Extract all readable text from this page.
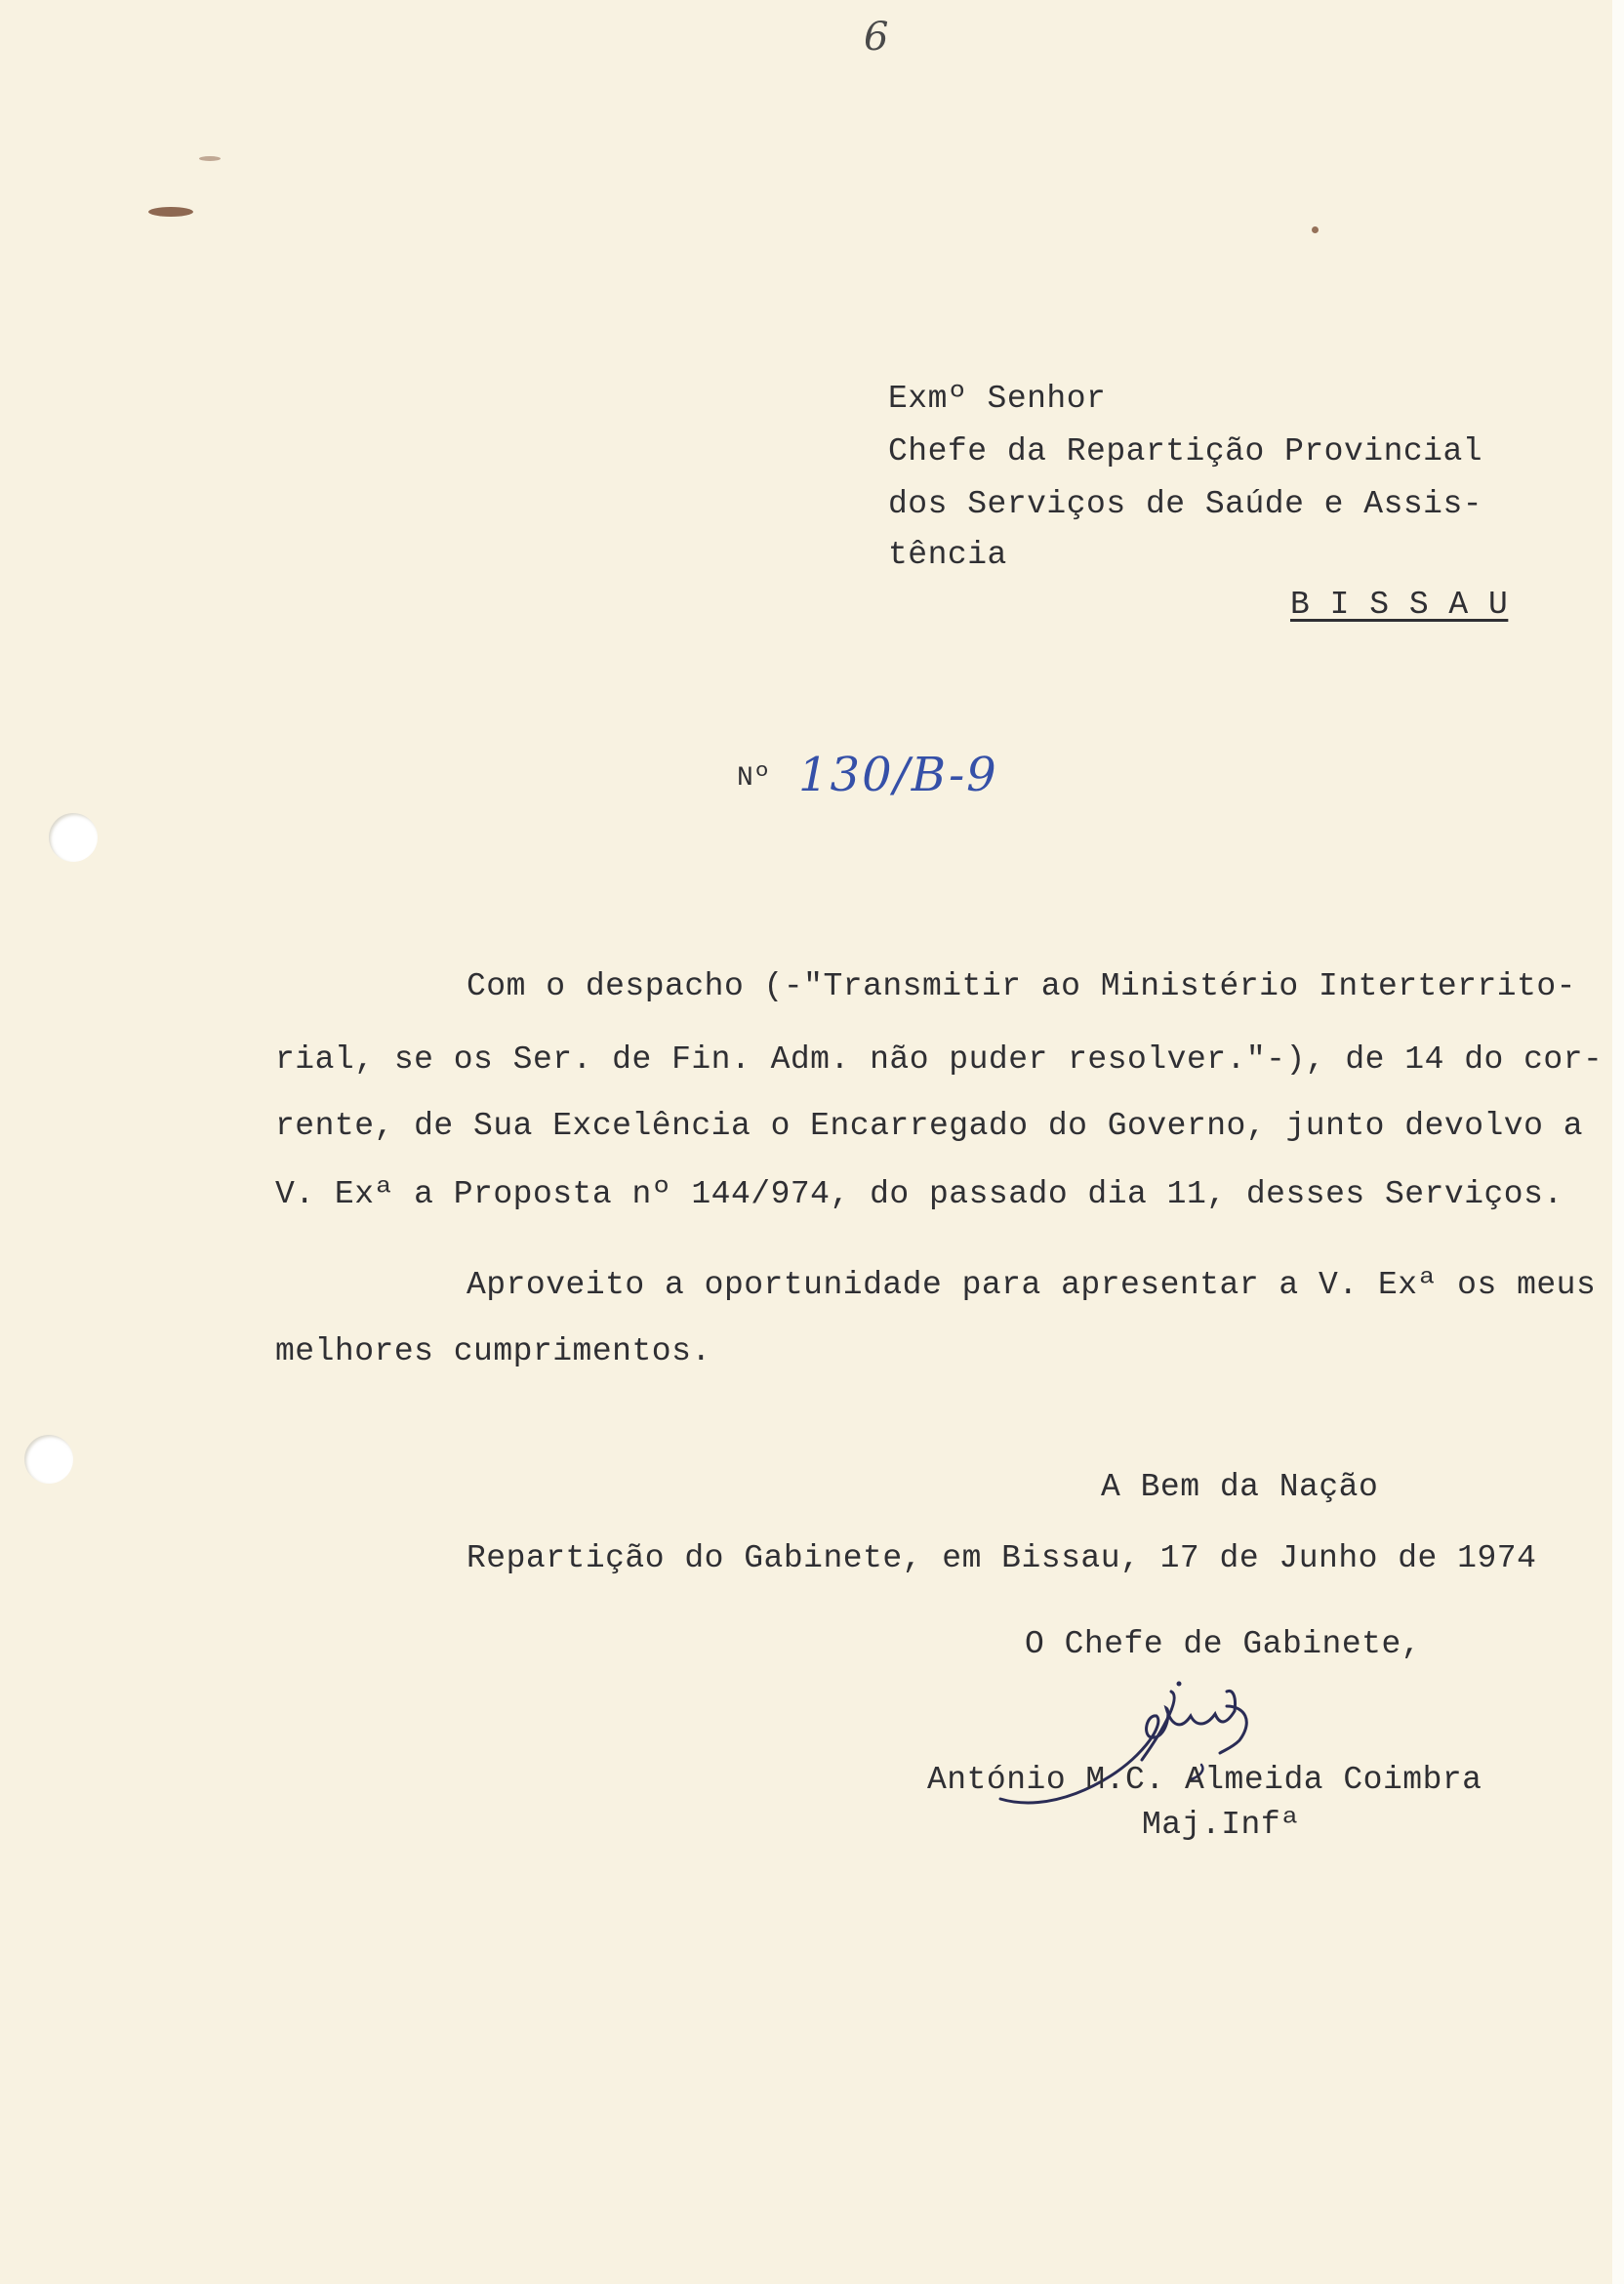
6
Exmº Senhor
Chefe da Repartição Provincial
dos Serviços de Saúde e Assis-
tência
B I S S A U
Nº 130/B-9
Com o despacho (-"Transmitir ao Ministério Interterrito-
rial, se os Ser. de Fin. Adm. não puder resolver."-), de 14 do cor-
rente, de Sua Excelência o Encarregado do Governo, junto devolvo a
V. Exª a Proposta nº 144/974, do passado dia 11, desses Serviços.
Aproveito a oportunidade para apresentar a V. Exª os meus
melhores cumprimentos.
A Bem da Nação
Repartição do Gabinete, em Bissau, 17 de Junho de 1974
O Chefe de Gabinete,
António M.C. Almeida Coimbra
Maj.Infª
